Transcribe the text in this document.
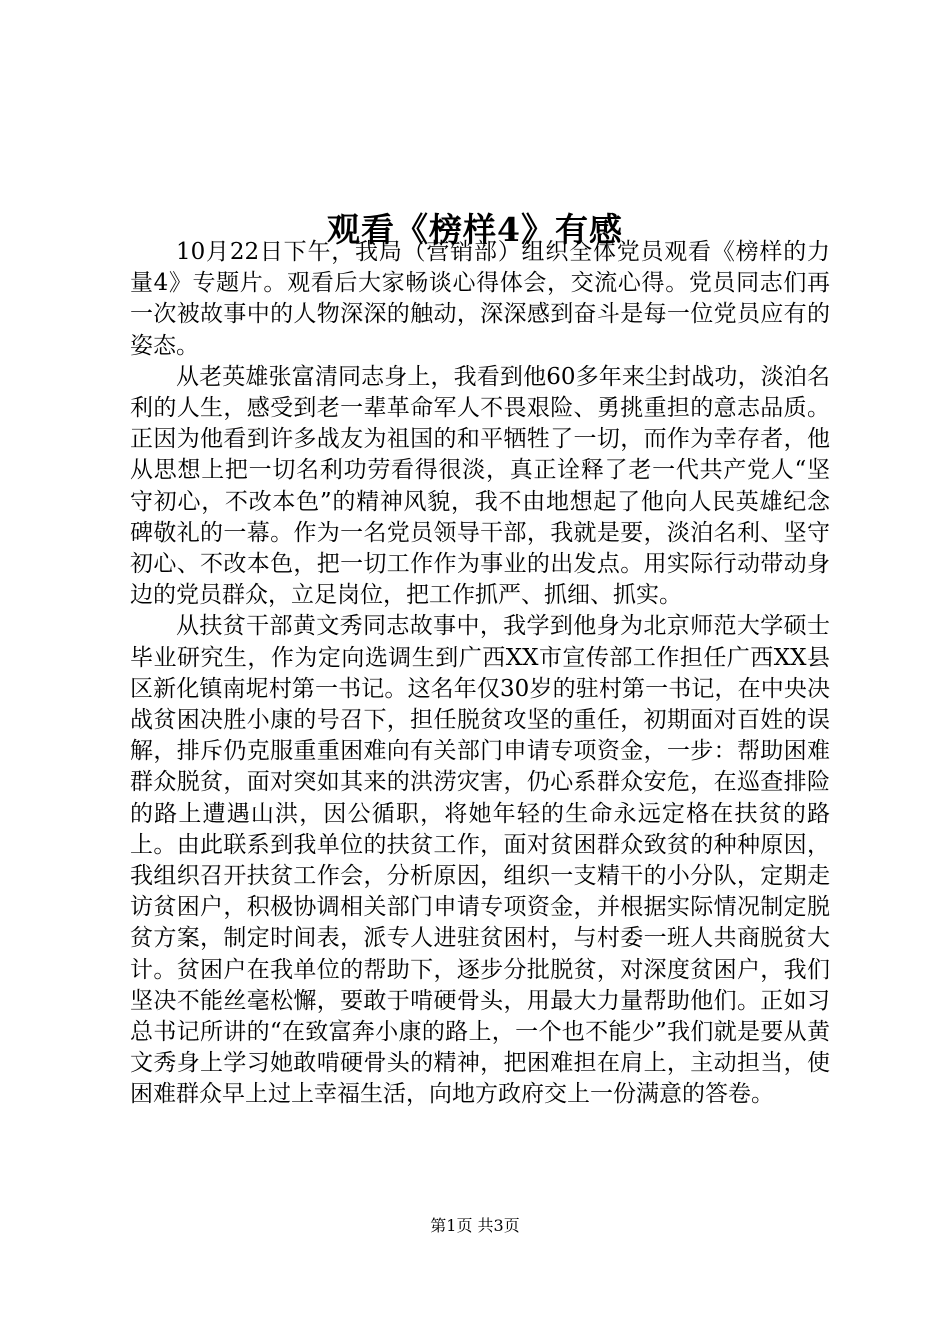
观看《榜样4》有感

10月22日下午，我局（营销部）组织全体党员观看《榜样的力量4》专题片。观看后大家畅谈心得体会，交流心得。党员同志们再一次被故事中的人物深深的触动，深深感到奋斗是每一位党员应有的姿态。

从老英雄张富清同志身上，我看到他60多年来尘封战功，淡泊名利的人生，感受到老一辈革命军人不畏艰险、勇挑重担的意志品质。正因为他看到许多战友为祖国的和平牺牲了一切，而作为幸存者，他从思想上把一切名利功劳看得很淡，真正诠释了老一代共产党人“坚守初心，不改本色”的精神风貌，我不由地想起了他向人民英雄纪念碑敬礼的一幕。作为一名党员领导干部，我就是要，淡泊名利、坚守初心、不改本色，把一切工作作为事业的出发点。用实际行动带动身边的党员群众，立足岗位，把工作抓严、抓细、抓实。

从扶贫干部黄文秀同志故事中，我学到他身为北京师范大学硕士毕业研究生，作为定向选调生到广西XX市宣传部工作担任广西XX县区新化镇南坭村第一书记。这名年仅30岁的驻村第一书记，在中央决战贫困决胜小康的号召下，担任脱贫攻坚的重任，初期面对百姓的误解，排斥仍克服重重困难向有关部门申请专项资金，一步：帮助困难群众脱贫，面对突如其来的洪涝灾害，仍心系群众安危，在巡查排险的路上遭遇山洪，因公循职，将她年轻的生命永远定格在扶贫的路上。由此联系到我单位的扶贫工作，面对贫困群众致贫的种种原因，我组织召开扶贫工作会，分析原因，组织一支精干的小分队，定期走访贫困户，积极协调相关部门申请专项资金，并根据实际情况制定脱贫方案，制定时间表，派专人进驻贫困村，与村委一班人共商脱贫大计。贫困户在我单位的帮助下，逐步分批脱贫，对深度贫困户，我们坚决不能丝毫松懈，要敢于啃硬骨头，用最大力量帮助他们。正如习总书记所讲的“在致富奔小康的路上，一个也不能少”我们就是要从黄文秀身上学习她敢啃硬骨头的精神，把困难担在肩上，主动担当，使困难群众早上过上幸福生活，向地方政府交上一份满意的答卷。

第1页 共3页
